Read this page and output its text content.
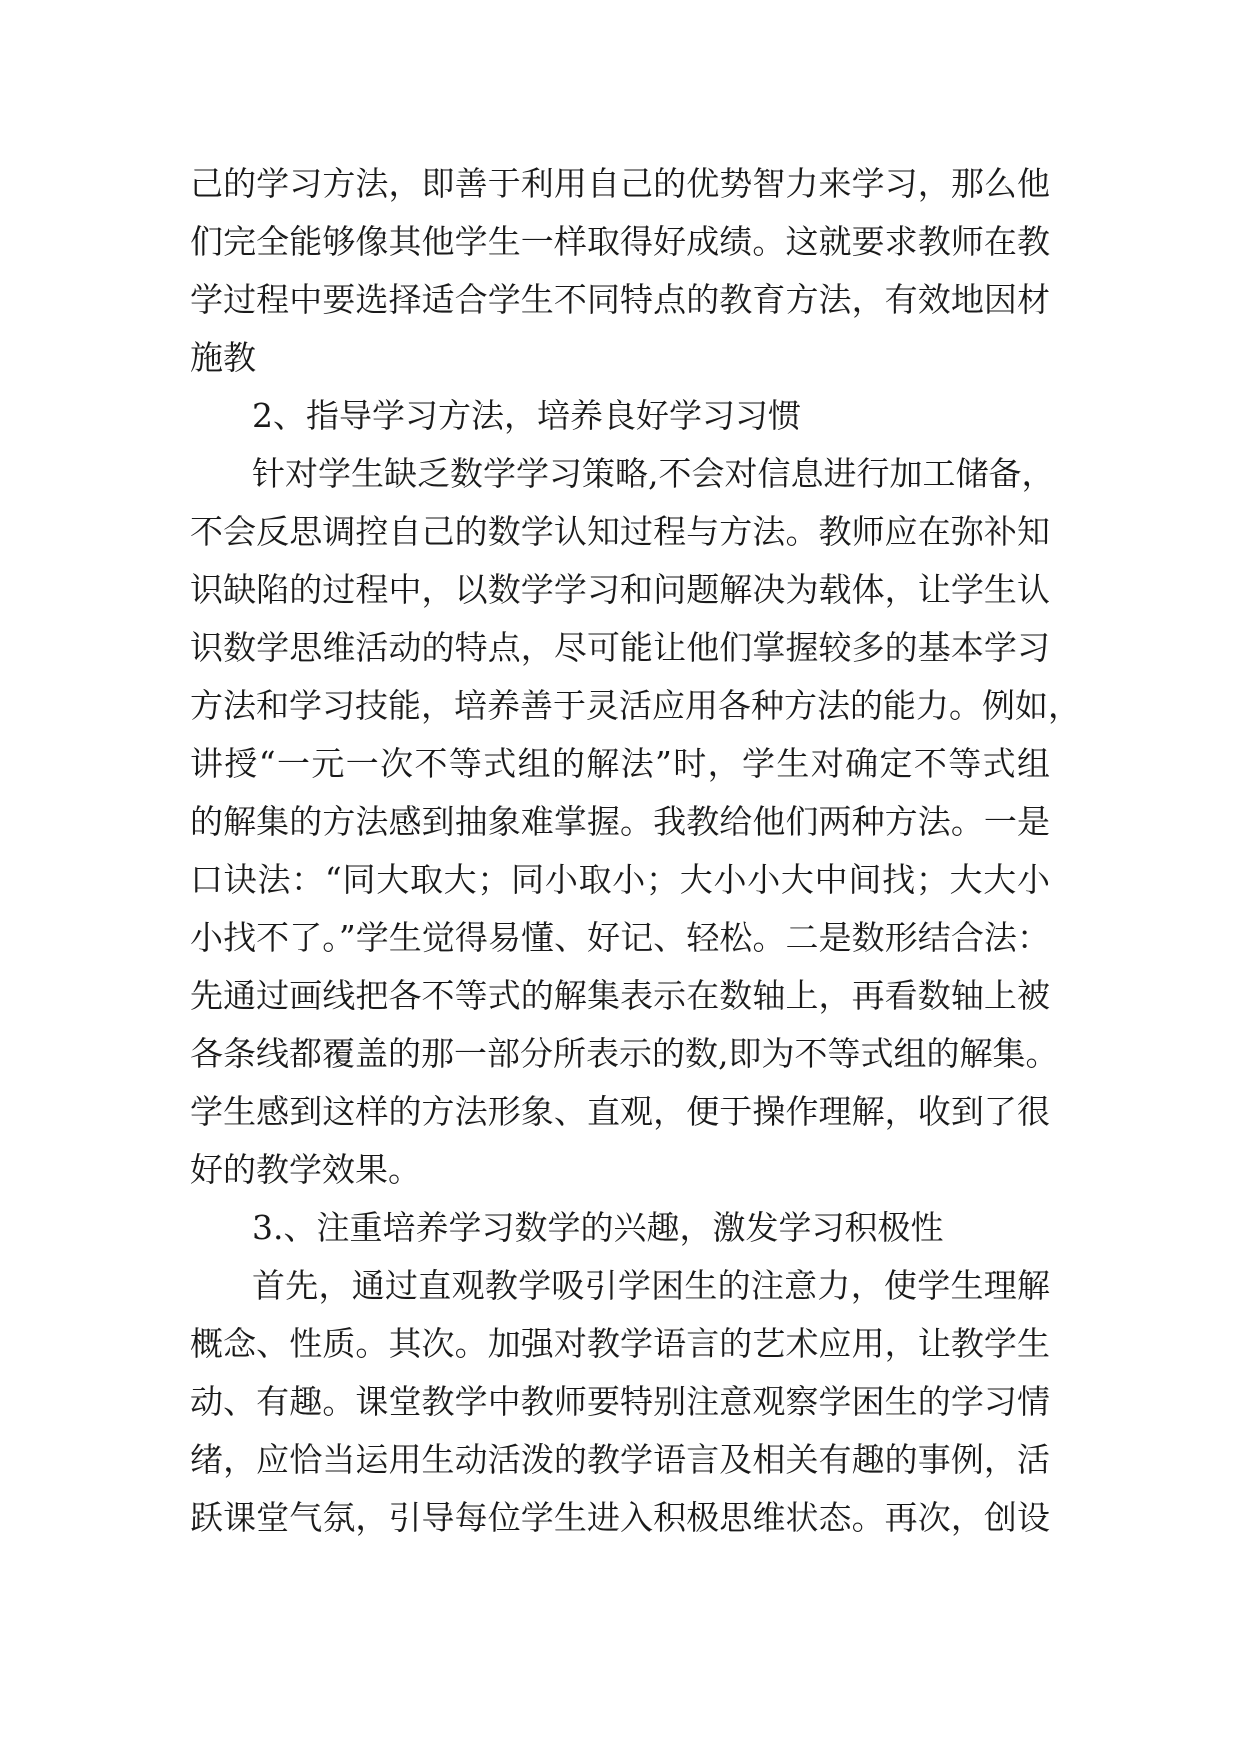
己的学习方法，即善于利用自己的优势智力来学习，那么他
们完全能够像其他学生一样取得好成绩。这就要求教师在教
学过程中要选择适合学生不同特点的教育方法，有效地因材
施教
2、指导学习方法，培养良好学习习惯
针对学生缺乏数学学习策略,不会对信息进行加工储备，
不会反思调控自己的数学认知过程与方法。教师应在弥补知
识缺陷的过程中，以数学学习和问题解决为载体，让学生认
识数学思维活动的特点，尽可能让他们掌握较多的基本学习
方法和学习技能，培养善于灵活应用各种方法的能力。例如，
讲授“一元一次不等式组的解法”时，学生对确定不等式组
的解集的方法感到抽象难掌握。我教给他们两种方法。一是
口诀法：“同大取大；同小取小；大小小大中间找；大大小
小找不了。”学生觉得易懂、好记、轻松。二是数形结合法：
先通过画线把各不等式的解集表示在数轴上，再看数轴上被
各条线都覆盖的那一部分所表示的数,即为不等式组的解集。
学生感到这样的方法形象、直观，便于操作理解，收到了很
好的教学效果。
3.、注重培养学习数学的兴趣，激发学习积极性
首先，通过直观教学吸引学困生的注意力，使学生理解
概念、性质。其次。加强对教学语言的艺术应用，让教学生
动、有趣。课堂教学中教师要特别注意观察学困生的学习情
绪，应恰当运用生动活泼的教学语言及相关有趣的事例，活
跃课堂气氛，引导每位学生进入积极思维状态。再次，创设
